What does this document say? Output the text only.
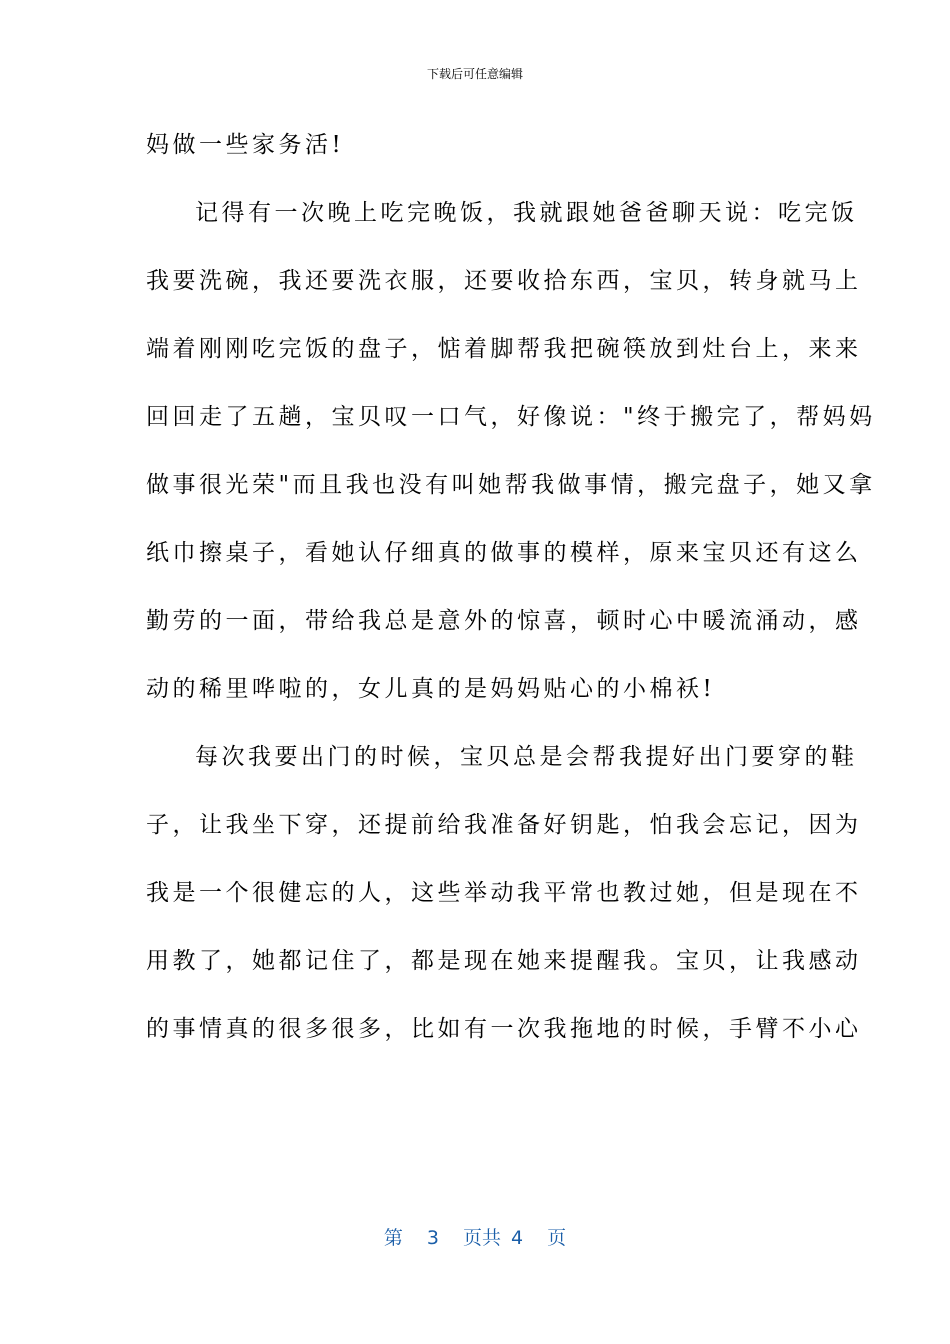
下载后可任意编辑
妈做一些家务活!
记得有一次晚上吃完晚饭，我就跟她爸爸聊天说：吃完饭
我要洗碗，我还要洗衣服，还要收拾东西，宝贝，转身就马上
端着刚刚吃完饭的盘子，惦着脚帮我把碗筷放到灶台上，来来
回回走了五趟，宝贝叹一口气，好像说："终于搬完了，帮妈妈
做事很光荣"而且我也没有叫她帮我做事情，搬完盘子，她又拿
纸巾擦桌子，看她认仔细真的做事的模样，原来宝贝还有这么
勤劳的一面，带给我总是意外的惊喜，顿时心中暖流涌动，感
动的稀里哗啦的，女儿真的是妈妈贴心的小棉袄!
每次我要出门的时候，宝贝总是会帮我提好出门要穿的鞋
子，让我坐下穿，还提前给我准备好钥匙，怕我会忘记，因为
我是一个很健忘的人，这些举动我平常也教过她，但是现在不
用教了，她都记住了，都是现在她来提醒我。宝贝，让我感动
的事情真的很多很多，比如有一次我拖地的时候，手臂不小心
第 3 页共 4 页
